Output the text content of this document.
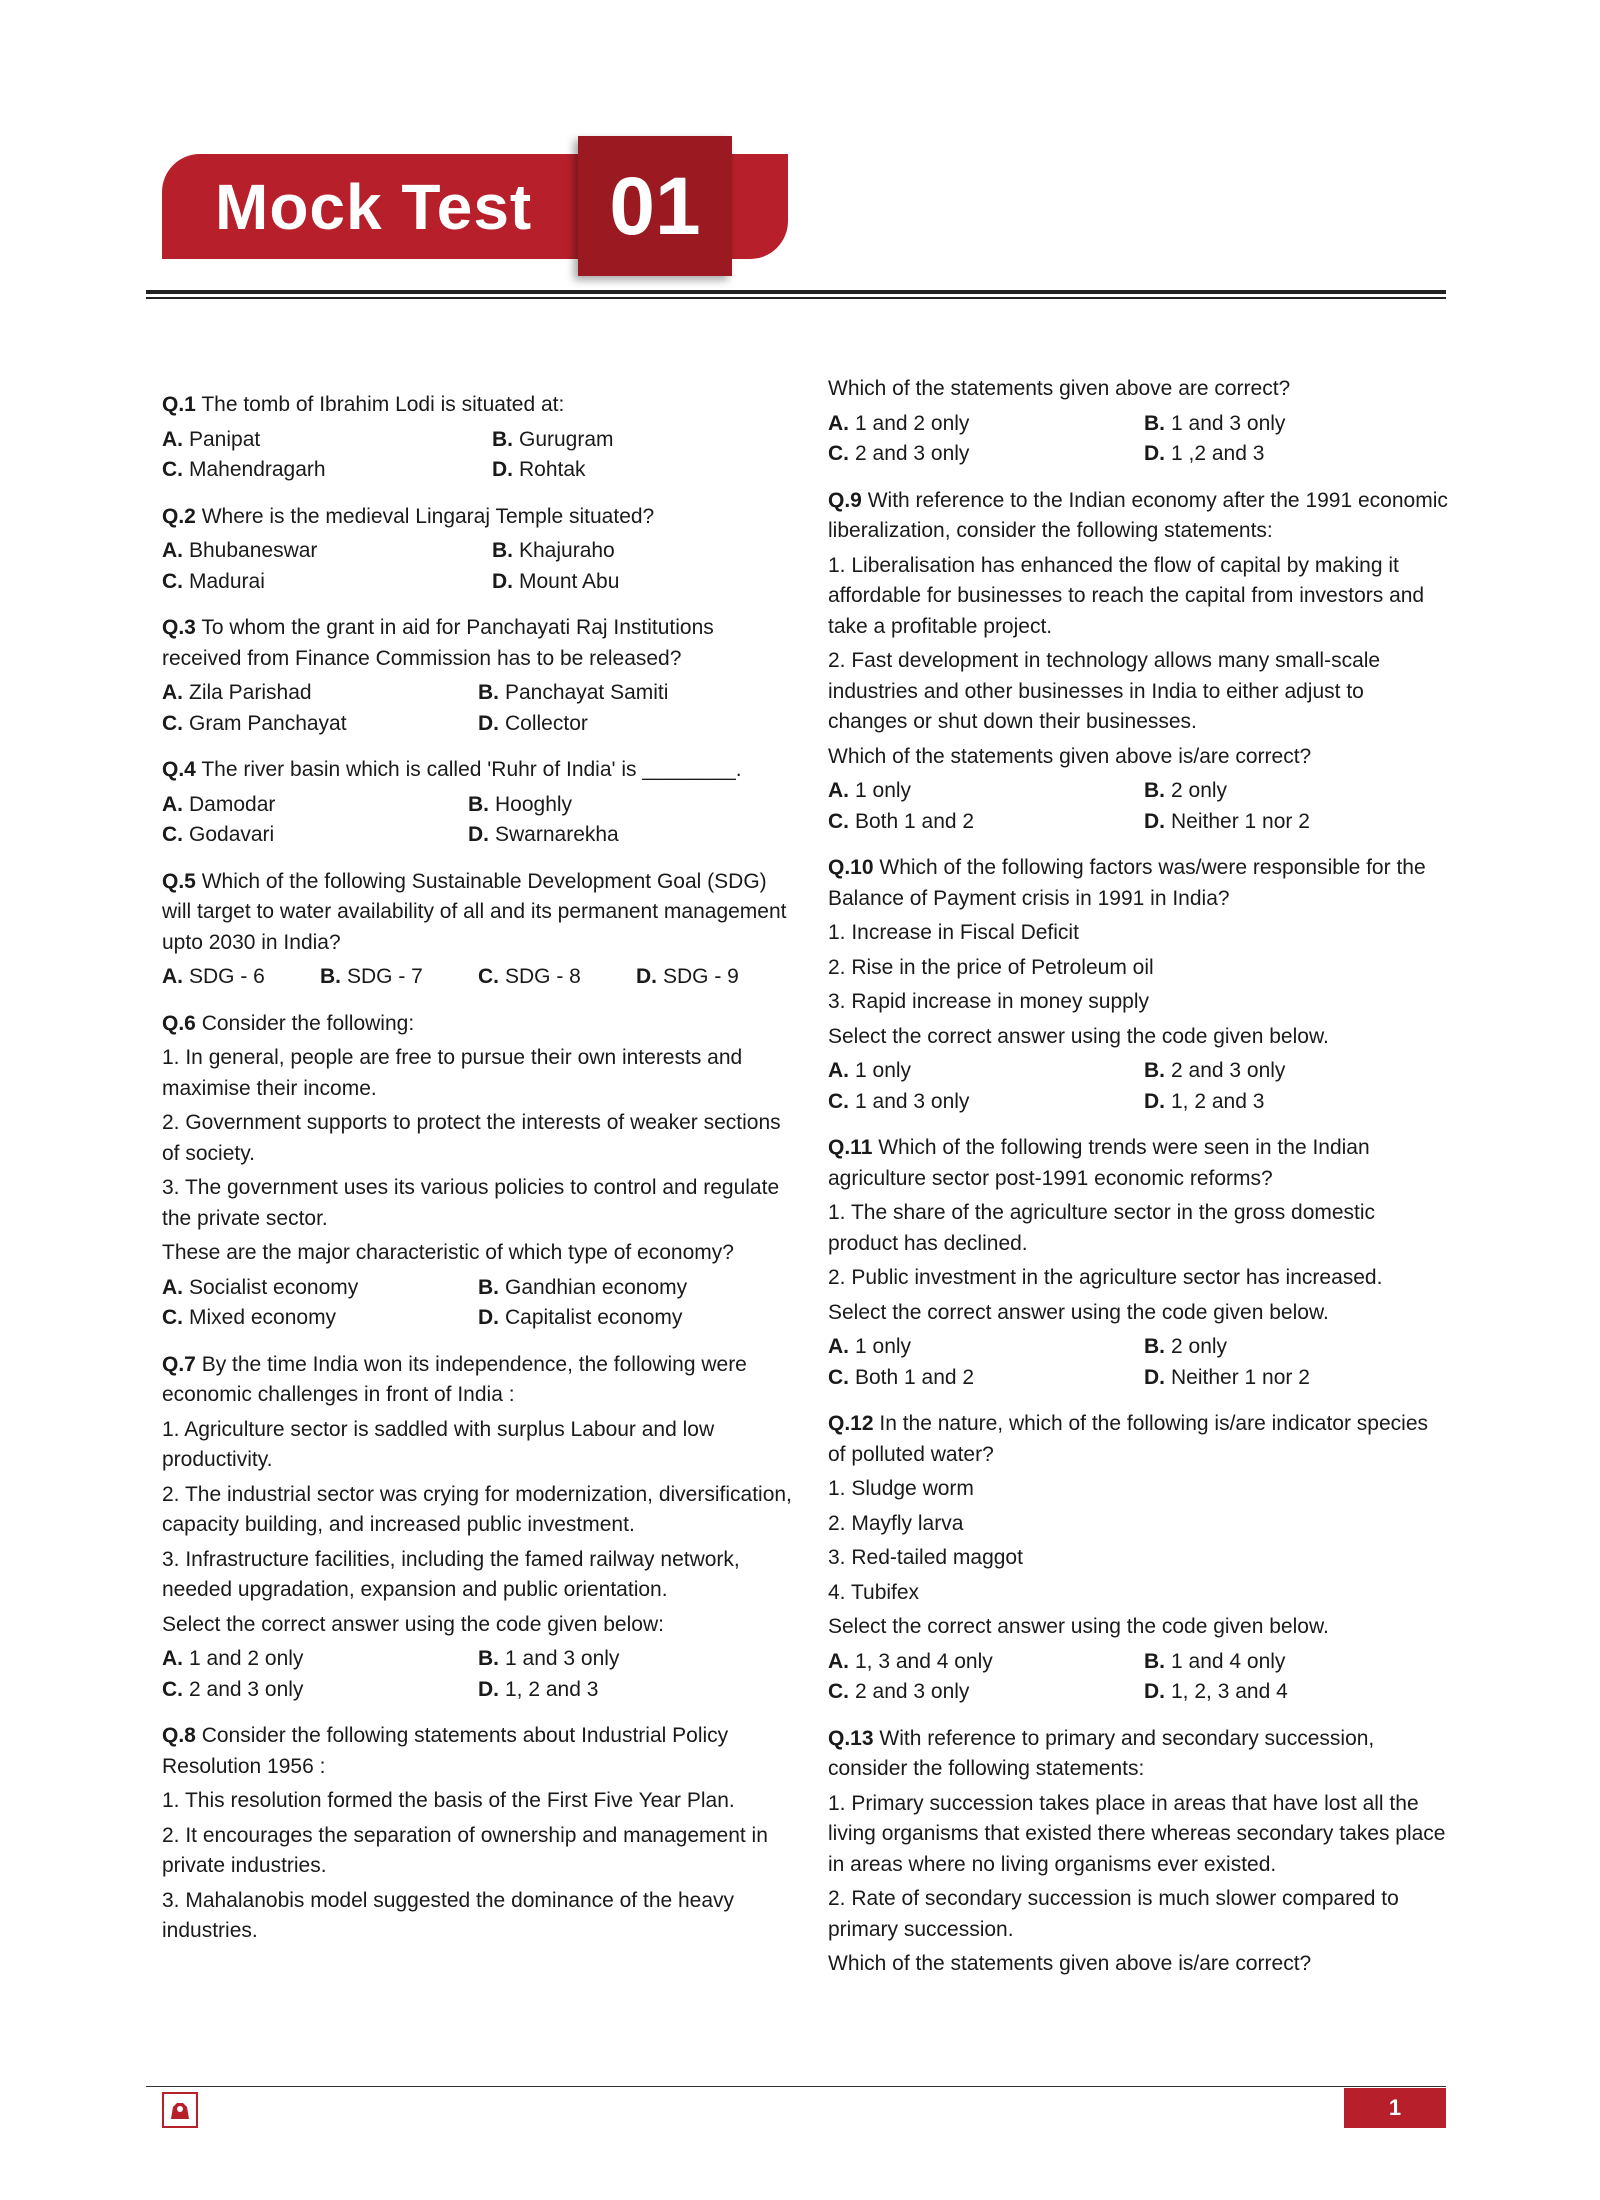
Mock Test 01
Q.1 The tomb of Ibrahim Lodi is situated at:
A. Panipat	B. Gurugram
C. Mahendragarh	D. Rohtak
Q.2 Where is the medieval Lingaraj Temple situated?
A. Bhubaneswar	B. Khajuraho
C. Madurai	D. Mount Abu
Q.3 To whom the grant in aid for Panchayati Raj Institutions received from Finance Commission has to be released?
A. Zila Parishad	B. Panchayat Samiti
C. Gram Panchayat	D. Collector
Q.4 The river basin which is called 'Ruhr of India' is ________.
A. Damodar	B. Hooghly
C. Godavari	D. Swarnarekha
Q.5 Which of the following Sustainable Development Goal (SDG) will target to water availability of all and its permanent management upto 2030 in India?
A. SDG - 6	B. SDG - 7	C. SDG - 8	D. SDG - 9
Q.6 Consider the following:
1. In general, people are free to pursue their own interests and maximise their income.
2. Government supports to protect the interests of weaker sections of society.
3. The government uses its various policies to control and regulate the private sector.
These are the major characteristic of which type of economy?
A. Socialist economy	B. Gandhian economy
C. Mixed economy	D. Capitalist economy
Q.7 By the time India won its independence, the following were economic challenges in front of India :
1. Agriculture sector is saddled with surplus Labour and low productivity.
2. The industrial sector was crying for modernization, diversification, capacity building, and increased public investment.
3. Infrastructure facilities, including the famed railway network, needed upgradation, expansion and public orientation.
Select the correct answer using the code given below:
A. 1 and 2 only	B. 1 and 3 only
C. 2 and 3 only	D. 1, 2 and 3
Q.8 Consider the following statements about Industrial Policy Resolution 1956 :
1. This resolution formed the basis of the First Five Year Plan.
2. It encourages the separation of ownership and management in private industries.
3. Mahalanobis model suggested the dominance of the heavy industries.
Which of the statements given above are correct?
A. 1 and 2 only	B. 1 and 3 only
C. 2 and 3 only	D. 1 ,2 and 3
Q.9 With reference to the Indian economy after the 1991 economic liberalization, consider the following statements:
1. Liberalisation has enhanced the flow of capital by making it affordable for businesses to reach the capital from investors and take a profitable project.
2. Fast development in technology allows many small-scale industries and other businesses in India to either adjust to changes or shut down their businesses.
Which of the statements given above is/are correct?
A. 1 only	B. 2 only
C. Both 1 and 2	D. Neither 1 nor 2
Q.10 Which of the following factors was/were responsible for the Balance of Payment crisis in 1991 in India?
1. Increase in Fiscal Deficit
2. Rise in the price of Petroleum oil
3. Rapid increase in money supply
Select the correct answer using the code given below.
A. 1 only	B. 2 and 3 only
C. 1 and 3 only	D. 1, 2 and 3
Q.11 Which of the following trends were seen in the Indian agriculture sector post-1991 economic reforms?
1. The share of the agriculture sector in the gross domestic product has declined.
2. Public investment in the agriculture sector has increased.
Select the correct answer using the code given below.
A. 1 only	B. 2 only
C. Both 1 and 2	D. Neither 1 nor 2
Q.12 In the nature, which of the following is/are indicator species of polluted water?
1. Sludge worm
2. Mayfly larva
3. Red-tailed maggot
4. Tubifex
Select the correct answer using the code given below.
A. 1, 3 and 4 only	B. 1 and 4 only
C. 2 and 3 only	D. 1, 2, 3 and 4
Q.13 With reference to primary and secondary succession, consider the following statements:
1. Primary succession takes place in areas that have lost all the living organisms that existed there whereas secondary takes place in areas where no living organisms ever existed.
2. Rate of secondary succession is much slower compared to primary succession.
Which of the statements given above is/are correct?
1
